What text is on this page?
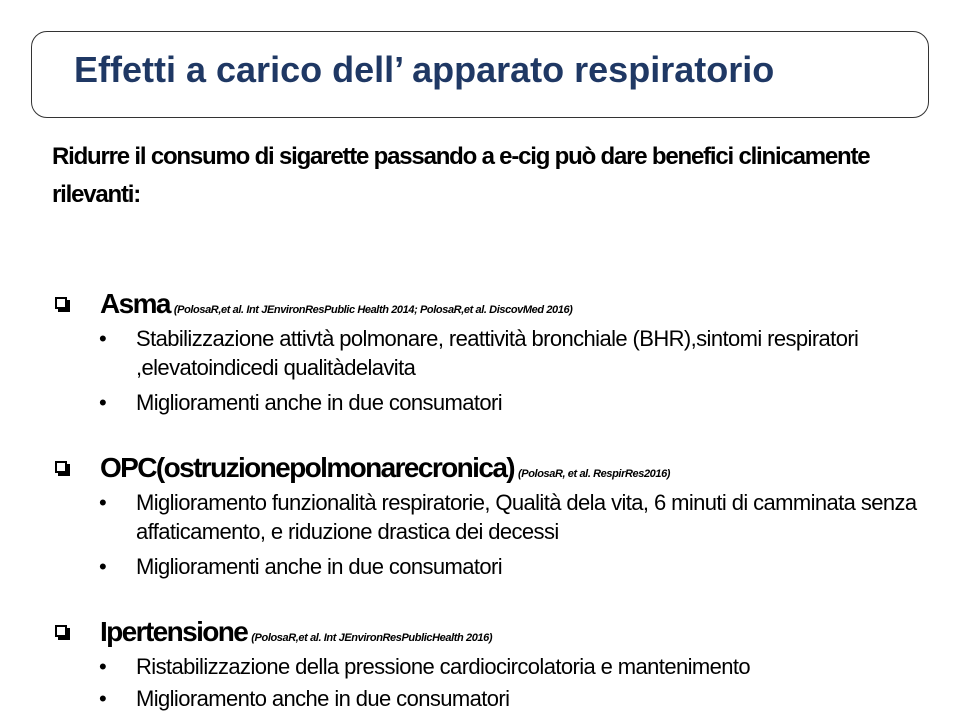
Effetti a carico dell’ apparato respiratorio
Ridurre il consumo di sigarette passando a e-cig può dare benefici clinicamente rilevanti:
Asma (PolosaR,et al. Int JEnvironResPublic Health 2014; PolosaR,et al. DiscovMed 2016)
• Stabilizzazione attivtà polmonare, reattività bronchiale (BHR),sintomi respiratori ,elevatoindicedi qualitàdelavita
• Miglioramenti anche in due consumatori
OPC(ostruzionepolmonarecronica) (PolosaR, et al. RespirRes2016)
• Miglioramento funzionalità respiratorie, Qualità dela vita, 6 minuti di camminata senza affaticamento, e riduzione drastica dei decessi
• Miglioramenti anche in due consumatori
Ipertensione (PolosaR,et al. Int JEnvironResPublicHealth 2016)
• Ristabilizzazione della pressione cardiocircolatoria e mantenimento
• Miglioramento anche in due consumatori
